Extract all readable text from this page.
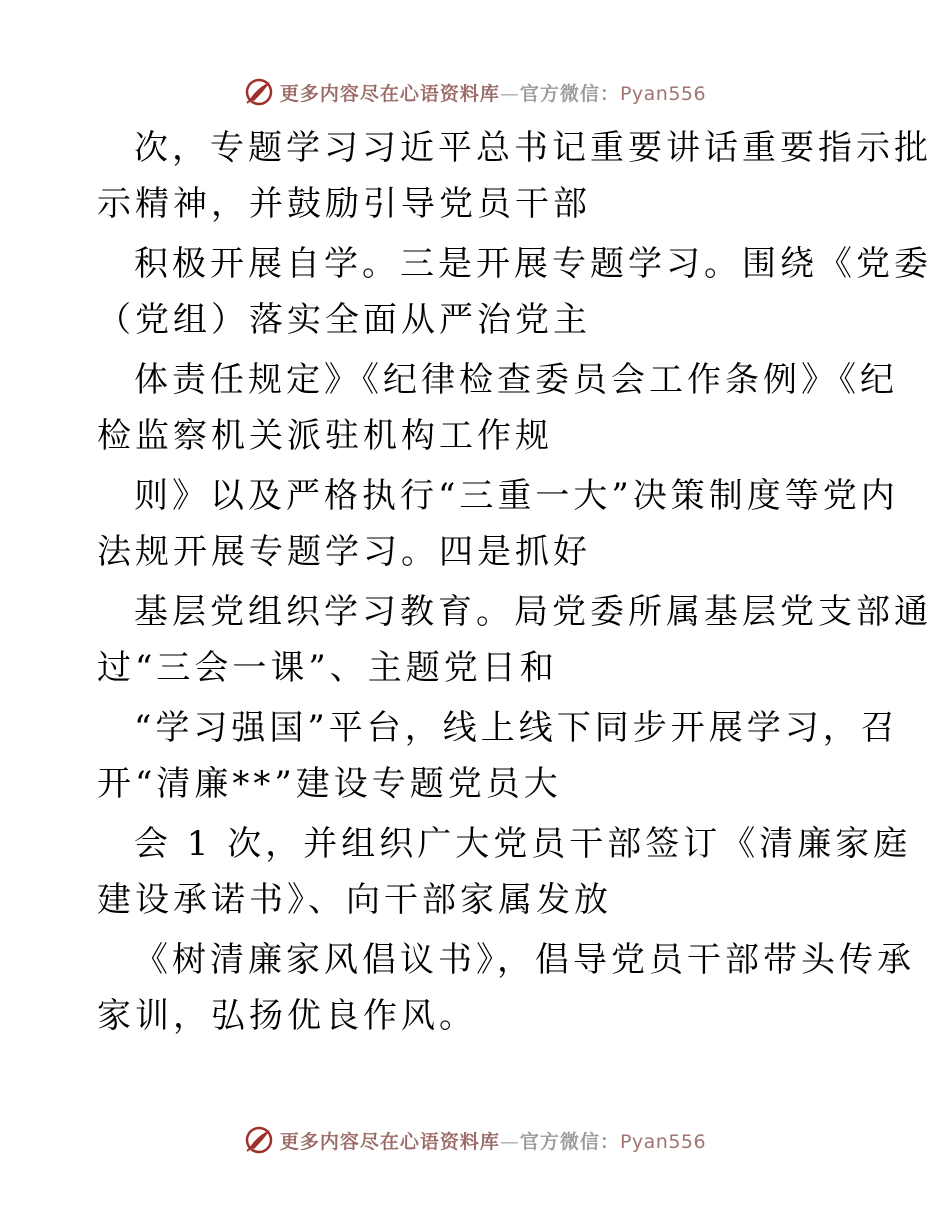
更多内容尽在心语资料库—官方微信：Pyan556
次，专题学习习近平总书记重要讲话重要指示批
示精神，并鼓励引导党员干部
积极开展自学。三是开展专题学习。围绕《党委
（党组）落实全面从严治党主
体责任规定》《纪律检查委员会工作条例》《纪
检监察机关派驻机构工作规
则》以及严格执行“三重一大”决策制度等党内
法规开展专题学习。四是抓好
基层党组织学习教育。局党委所属基层党支部通
过“三会一课”、主题党日和
“学习强国”平台，线上线下同步开展学习，召
开“清廉**”建设专题党员大
会 1 次，并组织广大党员干部签订《清廉家庭
建设承诺书》、向干部家属发放
《树清廉家风倡议书》，倡导党员干部带头传承
家训，弘扬优良作风。
更多内容尽在心语资料库—官方微信：Pyan556
